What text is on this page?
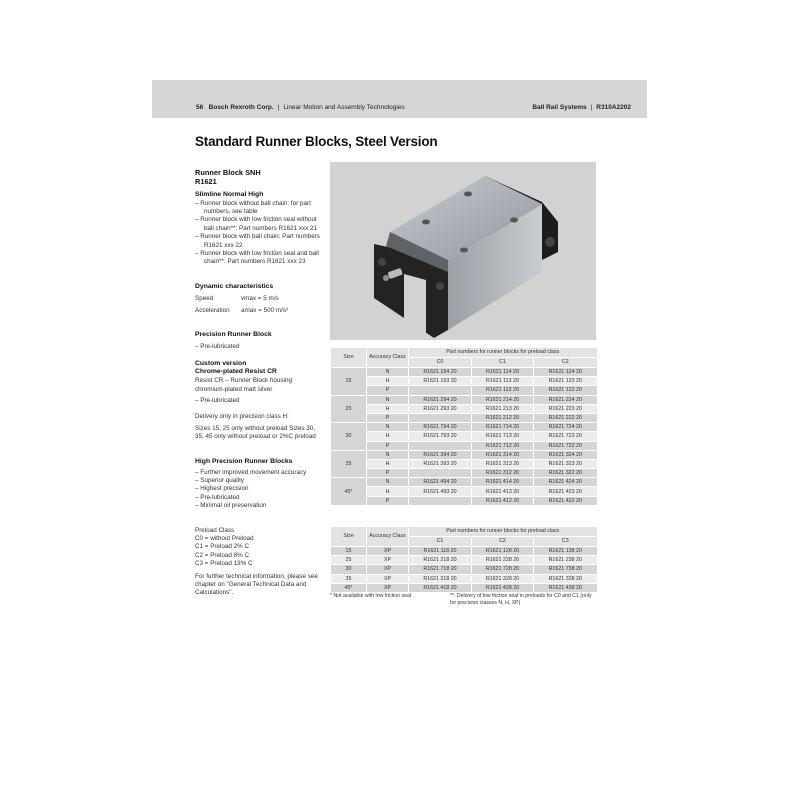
56 Bosch Rexroth Corp. | Linear Motion and Assembly Technologies	Ball Rail Systems | R310A2202
Standard Runner Blocks, Steel Version
Runner Block SNH
R1621
Slimline Normal High
– Runner block without ball chain: for part numbers, see table
– Runner block with low friction seal without ball chain**: Part numbers R1621 xxx 21
– Runner block with ball chain: Part numbers R1621 xxx 22
– Runner block with low friction seal and ball chain**: Part numbers R1621 xxx 23
Dynamic characteristics
Speed	vmax = 5 m/s
Acceleration	amax = 500 m/s²
Precision Runner Block
– Pre-lubricated
Custom version
Chrome-plated Resist CR
Resist CR – Runner Block housing chromium-plated matt silver
– Pre-lubricated
Delivery only in precision class H:
Sizes 15, 25 only without preload Sizes 30, 35, 45 only without preload or 2%C preload
High Precision Runner Blocks
– Further improved movement accuracy
– Superior quality
– Highest precision
– Pre-lubricated
– Minimal oil preservation
Preload Class
C0 = without Preload
C1 = Preload 2% C
C2 = Preload 8% C
C3 = Preload 13% C
For further technical information, please see chapter on "General Technical Data and Calculations".
Size	Accuracy Class	Part numbers for runner blocks for preload class		
		C0	C1	C2
15	N	R1621 194 20	R1621 114 20	R1621 124 20
	H	R1621 193 20	R1621 113 20	R1621 123 20
	P		R1621 112 20	R1621 122 20
25	N	R1621 294 20	R1621 214 20	R1621 224 20
	H	R1621 293 20	R1621 213 20	R1621 223 20
	P		R1621 212 20	R1621 222 20
30	N	R1621 794 20	R1621 714 20	R1621 724 20
	H	R1621 793 20	R1621 713 20	R1621 723 20
	P		R1621 712 20	R1621 722 20
35	N	R1621 394 20	R1621 314 20	R1621 324 20
	H	R1621 393 20	R1621 313 20	R1621 323 20
	P		R1621 312 20	R1621 322 20
45*	N	R1621 494 20	R1621 414 20	R1621 424 20
	H	R1621 493 20	R1621 413 20	R1621 423 20
	P		R1621 412 20	R1621 422 20
Size	Accuracy Class	Part numbers for runner blocks for preload class		
		C1	C2	C3
15	XP	R1621 118 20	R1621 128 20	R1621 138 20
25	XP	R1621 218 20	R1621 228 20	R1621 238 20
30	XP	R1621 718 20	R1621 728 20	R1621 738 20
35	XP	R1621 318 20	R1621 328 20	R1621 338 20
45*	XP	R1621 418 20	R1621 428 20	R1621 438 20
* Not available with low friction seal	**: Delivery of low friction seal in preloads for C0 and C1 (only for precision classes N, H, XP)
